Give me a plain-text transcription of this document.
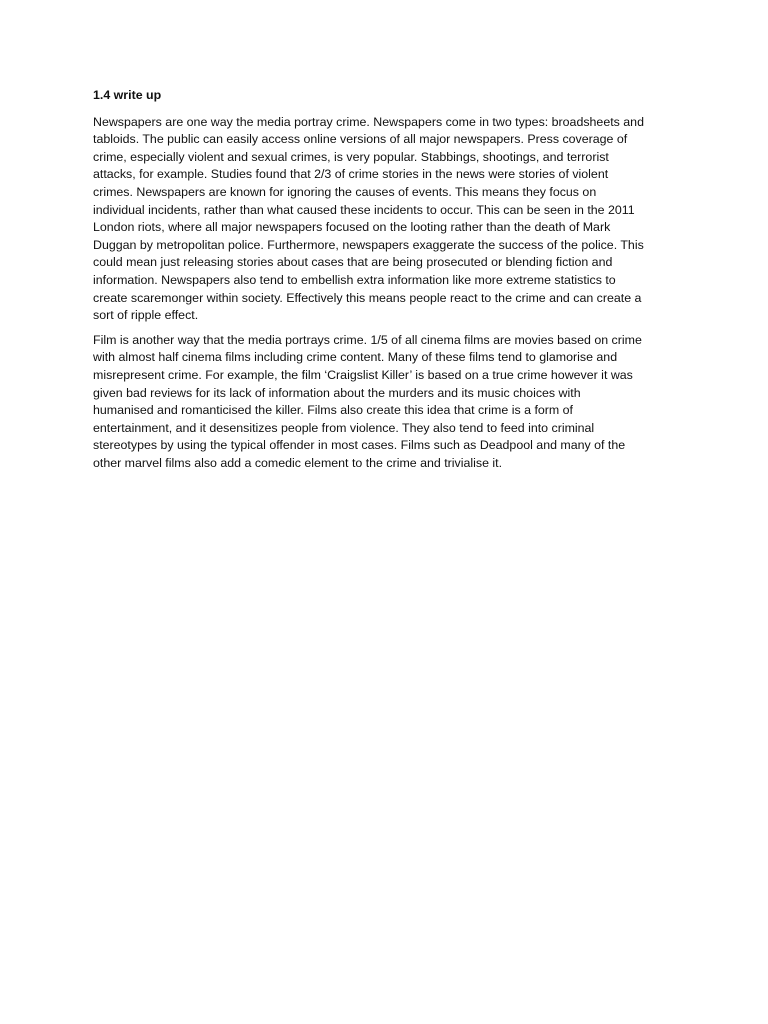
1.4 write up
Newspapers are one way the media portray crime. Newspapers come in two types: broadsheets and
tabloids. The public can easily access online versions of all major newspapers. Press coverage of
crime, especially violent and sexual crimes, is very popular. Stabbings, shootings, and terrorist
attacks, for example. Studies found that 2/3 of crime stories in the news were stories of violent
crimes. Newspapers are known for ignoring the causes of events. This means they focus on
individual incidents, rather than what caused these incidents to occur. This can be seen in the 2011
London riots, where all major newspapers focused on the looting rather than the death of Mark
Duggan by metropolitan police. Furthermore, newspapers exaggerate the success of the police. This
could mean just releasing stories about cases that are being prosecuted or blending fiction and
information. Newspapers also tend to embellish extra information like more extreme statistics to
create scaremonger within society. Effectively this means people react to the crime and can create a
sort of ripple effect.
Film is another way that the media portrays crime. 1/5 of all cinema films are movies based on crime
with almost half cinema films including crime content. Many of these films tend to glamorise and
misrepresent crime. For example, the film ‘Craigslist Killer’ is based on a true crime however it was
given bad reviews for its lack of information about the murders and its music choices with
humanised and romanticised the killer. Films also create this idea that crime is a form of
entertainment, and it desensitizes people from violence. They also tend to feed into criminal
stereotypes by using the typical offender in most cases. Films such as Deadpool and many of the
other marvel films also add a comedic element to the crime and trivialise it.
